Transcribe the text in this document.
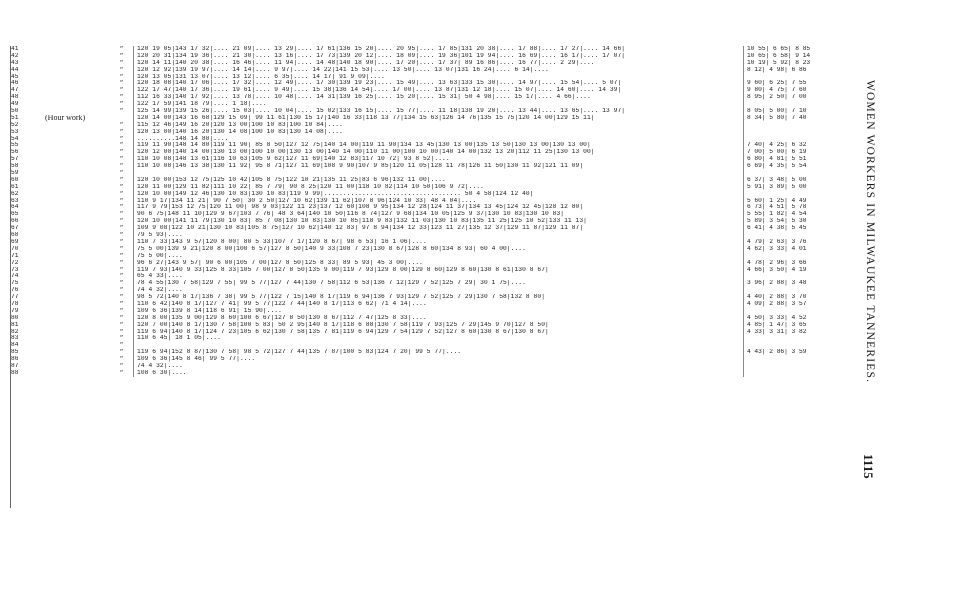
41	“	120 19 05|143 17 32|.... 21 09|.... 13 29|.... 17 61|136 15 20|.... 20 95|.... 17 85|131 20 38|.... 17 88|.... 17 27|.... 14 66|	10 55| 6 65| 8 85
42	“	120 20 31|134 19 36|.... 21 30|.... 13 16|.... 17 73|139 20 12|.... 18 09|.... 19 36|101 19 94|.... 16 69|.... 16 17|.... 17 07|	10 65| 6 58| 9 14
43	“	120 14 11|140 20 38|.... 16 46|.... 11 94|.... 14 48|140 18 90|.... 17 20|.... 17 37| 89 16 86|.... 16 77|.... 2 29|....	10 19| 5 92| 8 23
44	“	120 12 92|139 19 97|.... 14 14|.... 9 97|.... 14 22|141 15 53|.... 13 50|.... 13 07|131 16 24|.... 6 14|....	8 12| 4 98| 6 86
45	“	120 13 05|131 13 07|.... 13 12|.... 6 35|.... 14 17| 91 9 09|....
46	“	120 18 08|140 17 06|.... 17 32|.... 12 49|.... 17 30|139 19 23|.... 15 49|.... 13 63|133 15 30|.... 14 97|.... 15 54|.... 5 07|	9 60| 6 25| 7 55
47	“	122 17 47|140 17 36|.... 19 61|.... 9 49|.... 15 38|136 14 54|.... 17 00|.... 13 87|131 12 18|.... 15 07|.... 14 60|.... 14 39|	9 80| 4 75| 7 60
48	“	112 16 33|140 17 92|.... 13 78|.... 10 48|.... 14 31|139 16 25|.... 15 20|.... 15 31| 50 4 98|.... 15 17|.... 4 66|....	8 95| 2 50| 7 00
49	“	122 17 59|141 18 79|.... 1 18|....
50	“	125 14 99|139 15 26|.... 15 03|.... 10 04|.... 15 02|133 16 15|.... 15 77|.... 11 18|138 19 20|.... 13 44|.... 13 65|.... 13 97|	8 05| 5 00| 7 10
51	(Hour work)	120 14 00|143 16 68|129 15 09| 99 11 61|130 15 17|140 16 33|118 13 77|134 15 63|126 14 76|135 15 75|120 14 00|129 15 11|	8 34| 5 80| 7 40
52	“	115 12 46|149 16 20|120 13 00|100 10 83|100 10 84|....
53	“	120 13 00|140 16 20|130 14 08|100 10 83|130 14 08|....
54	“	..........148 14 80|....
55	“	119 11 90|148 14 80|119 11 90| 85 8 50|127 12 75|140 14 00|119 11 90|134 13 45|130 13 00|135 13 50|130 13 00|130 13 00|	7 40| 4 25| 6 32
56	“	120 12 00|140 14 00|130 13 00|100 10 00|130 13 00|140 14 00|110 11 00|100 10 00|140 14 00|132 13 20|112 11 25|130 13 00|	7 00| 5 00| 6 19
57	“	110 10 08|148 13 61|116 10 63|105 9 62|127 11 69|140 12 83|117 10 72| 93 8 52|....	6 80| 4 81| 5 51
58	“	110 10 08|146 13 38|130 11 92| 95 8 71|127 11 69|108 9 90|107 9 85|120 11 05|128 11 78|126 11 50|130 11 92|121 11 09|	6 69| 4 35| 5 54
59	“
60	“	120 10 00|153 12 75|125 10 42|105 8 75|122 10 21|135 11 25|83 6 96|132 11 00|....	6 37| 3 48| 5 00
61	“	120 11 00|129 11 82|111 10 22| 85 7 79| 90 8 25|120 11 00|118 10 82|114 10 50|106 9 72|....	5 91| 3 89| 5 00
62	“	120 10 00|149 12 46|130 10 83|130 10 83|119 9 99|.................................... 50 4 58|124 12 40|
63	“	110 9 17|134 11 21| 90 7 50| 30 2 50|127 10 62|139 11 62|107 8 96|124 10 33| 48 4 04|....	5 60| 1 25| 4 49
64	“	117 9 79|153 12 75|120 11 00| 98 9 03|122 11 23|137 12 60|108 9 95|134 12 28|124 11 37|134 13 45|124 12 45|128 12 80|	6 73| 4 51| 5 78
65	“	90 6 75|148 11 10|129 9 67|103 7 76| 48 3 64|140 10 50|116 8 74|127 9 68|134 10 05|125 9 37|130 10 83|130 10 83|	5 55| 1 82| 4 54
66	“	120 10 00|141 11 79|130 10 83| 85 7 08|130 10 83|130 10 85|118 9 83|132 11 03|130 10 83|135 11 25|125 10 52|133 11 13|	5 89| 3 54| 5 30
67	“	109 9 08|122 10 21|130 10 83|105 8 75|127 10 62|140 12 83| 97 8 94|134 12 33|123 11 27|135 12 37|129 11 87|129 11 87|	6 41| 4 38| 5 45
68	“	79 5 93|....
69	“	110 7 33|143 9 57|120 8 00| 80 5 33|107 7 17|120 8 67| 98 6 53| 16 1 06|....	4 79| 2 63| 3 76
70	“	75 5 00|139 9 21|120 8 00|100 6 57|127 8 50|140 9 33|108 7 23|130 8 67|128 8 60|134 8 93| 60 4 00|....	4 62| 3 33| 4 01
71	“	75 5 00|....
72	“	96 6 27|143 9 57| 90 6 00|105 7 00|127 8 50|125 8 33| 89 5 93| 45 3 00|....	4 78| 2 96| 3 66
73	“	119 7 93|140 9 33|125 8 33|105 7 00|127 8 50|135 9 00|119 7 93|129 8 00|129 8 60|129 8 60|130 8 61|130 8 67|	4 66| 3 50| 4 19
74	“	65 4 33|....
75	“	78 4 55|130 7 58|129 7 55| 99 5 77|127 7 44|130 7 58|112 6 53|136 7 12|129 7 52|125 7 29| 30 1 75|....	3 96| 2 88| 3 48
76	“	74 4 32|....
77	“	98 5 72|140 8 17|136 7 38| 99 5 77|122 7 15|140 8 17|119 6 94|136 7 93|129 7 52|125 7 29|130 7 58|132 8 80|	4 40| 2 88| 3 70
78	“	110 6 42|140 8 17|127 7 41| 99 5 77|122 7 44|140 8 17|113 6 62| 71 4 14|....	4 09| 2 88| 3 57
79	“	109 6 36|139 8 14|118 6 91| 15 90|....
80	“	120 8 00|135 9 00|129 8 60|100 6 67|127 8 50|130 8 67|112 7 47|125 8 33|....	4 50| 3 33| 4 52
81	“	120 7 00|140 8 17|130 7 58|100 5 83| 50 2 95|140 8 17|118 6 88|130 7 58|119 7 93|125 7 29|145 9 70|127 8 50|	4 85| 1 47| 3 65
82	“	119 6 94|140 8 17|124 7 23|105 6 62|130 7 58|135 7 81|119 6 94|129 7 54|129 7 52|127 8 60|130 8 67|130 8 67|	4 33| 3 31| 3 82
83	“	110 6 45| 18 1 05|....
84	“
85	“	119 6 94|152 8 87|130 7 58| 98 5 72|127 7 44|135 7 87|100 5 83|124 7 20| 99 5 77|....	4 43| 2 86| 3 59
86	“	109 6 36|145 8 46| 99 5 77|....
87	“	74 4 32|....
88	“	108 6 30|....	WOMEN WORKERS IN MILWAUKEE TANNERIES.
1115
